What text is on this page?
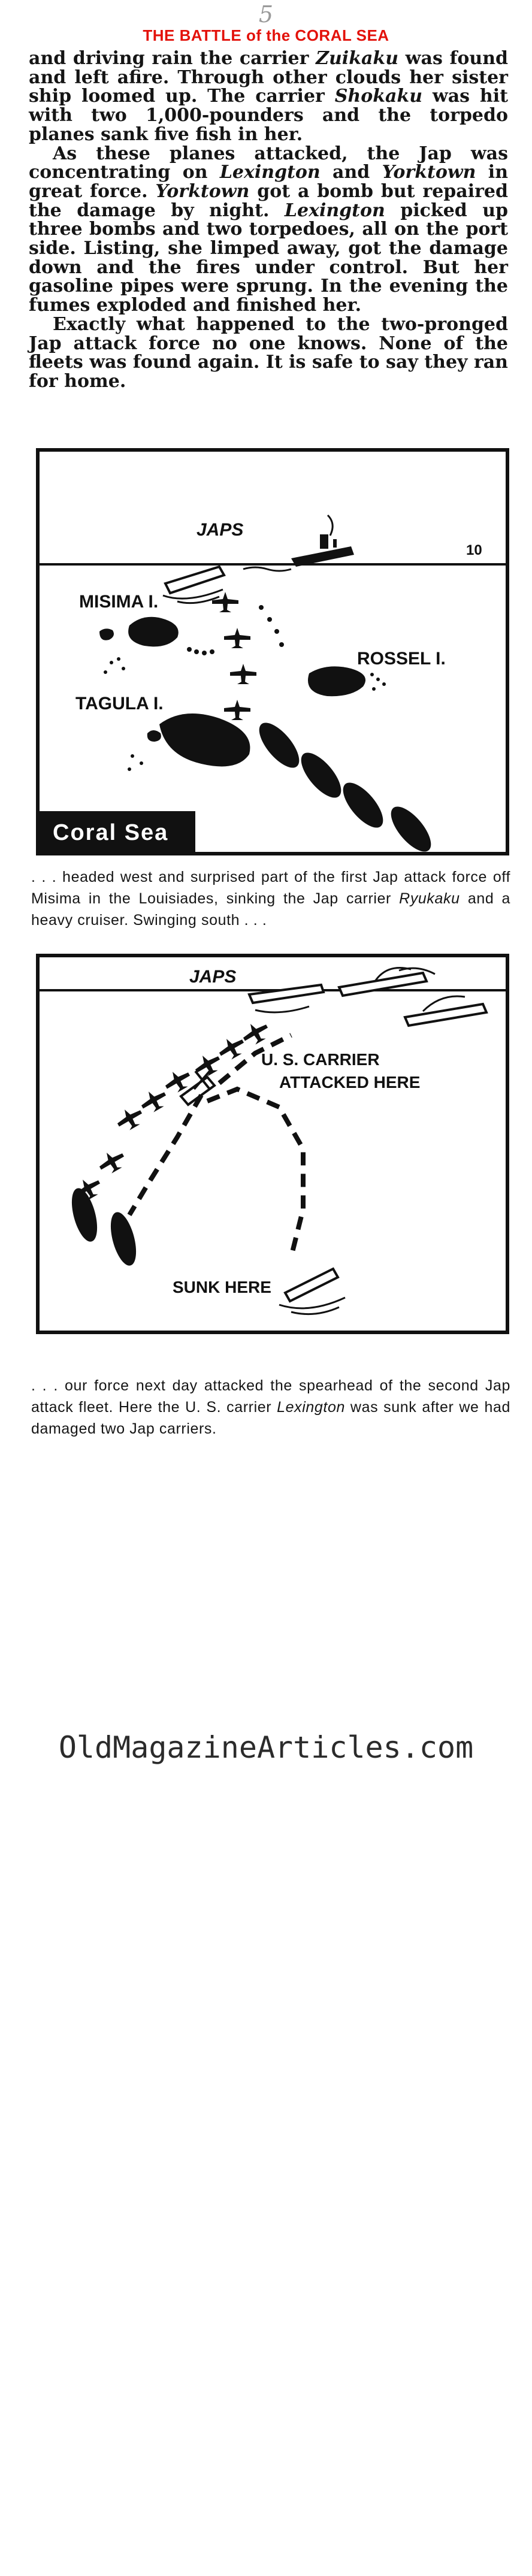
5
THE BATTLE of the CORAL SEA

and driving rain the carrier Zuikaku was found and left afire. Through other clouds her sister ship loomed up. The carrier Shokaku was hit with two 1,000-pounders and the torpedo planes sank five fish in her.

As these planes attacked, the Jap was concentrating on Lexington and Yorktown in great force. Yorktown got a bomb but repaired the damage by night. Lexington picked up three bombs and two torpedoes, all on the port side. Listing, she limped away, got the damage down and the fires under control. But her gasoline pipes were sprung. In the evening the fumes exploded and finished her.

Exactly what happened to the two-pronged Jap attack force no one knows. None of the fleets was found again. It is safe to say they ran for home.

JAPS
10
MISIMA I.
ROSSEL I.
TAGULA I.
Coral Sea
. . . headed west and surprised part of the first Jap attack force off Misima in the Louisiades, sinking the Jap carrier Ryukaku and a heavy cruiser. Swinging south . . .
JAPS
U. S. CARRIER
ATTACKED HERE
SUNK HERE
. . . our force next day attacked the spearhead of the second Jap attack fleet. Here the U. S. carrier Lexington was sunk after we had damaged two Jap carriers.
OldMagazineArticles.com
